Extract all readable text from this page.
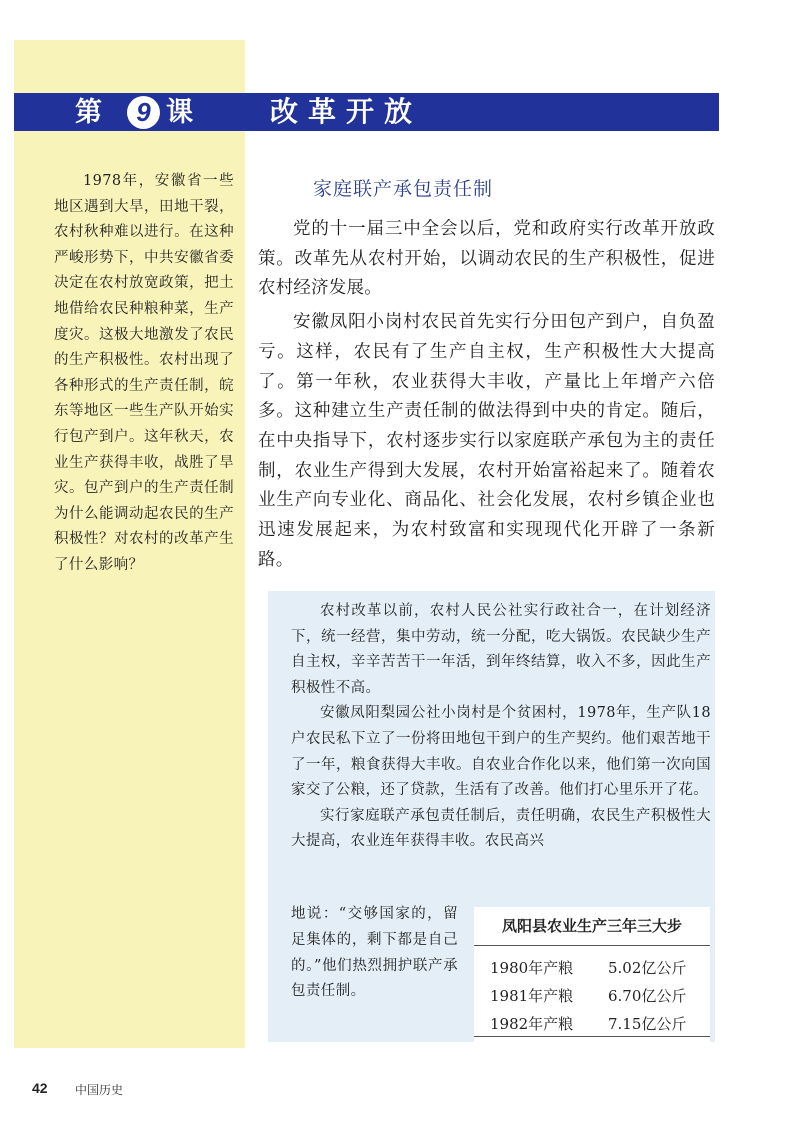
第	9 课	改革开放

1978年，安徽省一些地区遇到大旱，田地干裂，农村秋种难以进行。在这种严峻形势下，中共安徽省委决定在农村放宽政策，把土地借给农民种粮种菜，生产度灾。这极大地激发了农民的生产积极性。农村出现了各种形式的生产责任制，皖东等地区一些生产队开始实行包产到户。这年秋天，农业生产获得丰收，战胜了旱灾。包产到户的生产责任制为什么能调动起农民的生产积极性？对农村的改革产生了什么影响？

家庭联产承包责任制

党的十一届三中全会以后，党和政府实行改革开放政策。改革先从农村开始，以调动农民的生产积极性，促进农村经济发展。

安徽凤阳小岗村农民首先实行分田包产到户，自负盈亏。这样，农民有了生产自主权，生产积极性大大提高了。第一年秋，农业获得大丰收，产量比上年增产六倍多。这种建立生产责任制的做法得到中央的肯定。随后，在中央指导下，农村逐步实行以家庭联产承包为主的责任制，农业生产得到大发展，农村开始富裕起来了。随着农业生产向专业化、商品化、社会化发展，农村乡镇企业也迅速发展起来，为农村致富和实现现代化开辟了一条新路。

农村改革以前，农村人民公社实行政社合一，在计划经济下，统一经营，集中劳动，统一分配，吃大锅饭。农民缺少生产自主权，辛辛苦苦干一年活，到年终结算，收入不多，因此生产积极性不高。

安徽凤阳梨园公社小岗村是个贫困村，1978年，生产队18户农民私下立了一份将田地包干到户的生产契约。他们艰苦地干了一年，粮食获得大丰收。自农业合作化以来，他们第一次向国家交了公粮，还了贷款，生活有了改善。他们打心里乐开了花。

实行家庭联产承包责任制后，责任明确，农民生产积极性大大提高，农业连年获得丰收。农民高兴

地说：“交够国家的，留足集体的，剩下都是自己的。”他们热烈拥护联产承包责任制。
凤阳县农业生产三年三大步
1980年产粮 5.02亿公斤
1981年产粮 6.70亿公斤
1982年产粮 7.15亿公斤
42 中国历史
